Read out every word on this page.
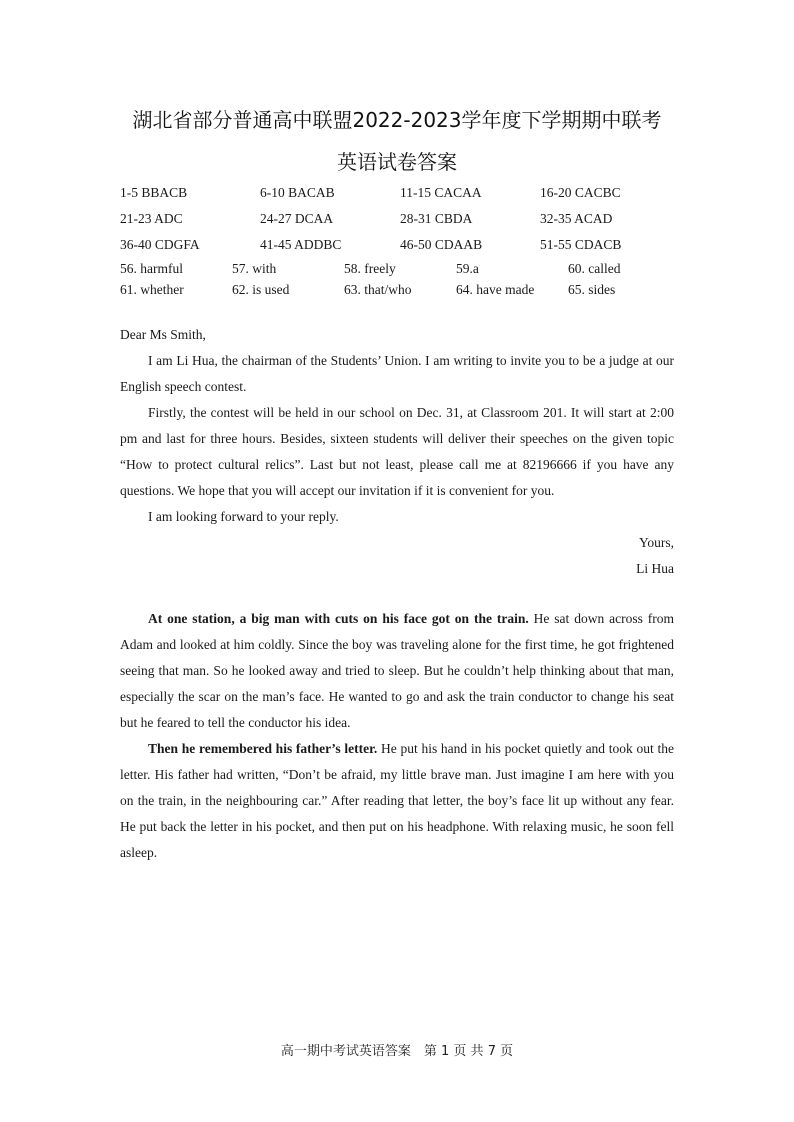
湖北省部分普通高中联盟2022-2023学年度下学期期中联考
英语试卷答案
1-5 BBACB	6-10 BACAB	11-15 CACAA	16-20 CACBC
21-23 ADC	24-27 DCAA	28-31 CBDA	32-35 ACAD
36-40 CDGFA	41-45 ADDBC	46-50 CDAAB	51-55 CDACB
56. harmful	57. with	58. freely	59.a	60. called
61. whether	62. is used	63. that/who	64. have made 65. sides

Dear Ms Smith,

I am Li Hua, the chairman of the Students’ Union. I am writing to invite you to be a judge at our English speech contest.

Firstly, the contest will be held in our school on Dec. 31, at Classroom 201. It will start at 2:00 pm and last for three hours. Besides, sixteen students will deliver their speeches on the given topic “How to protect cultural relics”. Last but not least, please call me at 82196666 if you have any questions. We hope that you will accept our invitation if it is convenient for you.

I am looking forward to your reply.

Yours,

Li Hua

At one station, a big man with cuts on his face got on the train. He sat down across from Adam and looked at him coldly. Since the boy was traveling alone for the first time, he got frightened seeing that man. So he looked away and tried to sleep. But he couldn’t help thinking about that man, especially the scar on the man’s face. He wanted to go and ask the train conductor to change his seat but he feared to tell the conductor his idea.

Then he remembered his father’s letter. He put his hand in his pocket quietly and took out the letter. His father had written, “Don’t be afraid, my little brave man. Just imagine I am here with you on the train, in the neighbouring car.” After reading that letter, the boy’s face lit up without any fear. He put back the letter in his pocket, and then put on his headphone. With relaxing music, he soon fell asleep.

高一期中考试英语答案　第 1 页 共 7 页
